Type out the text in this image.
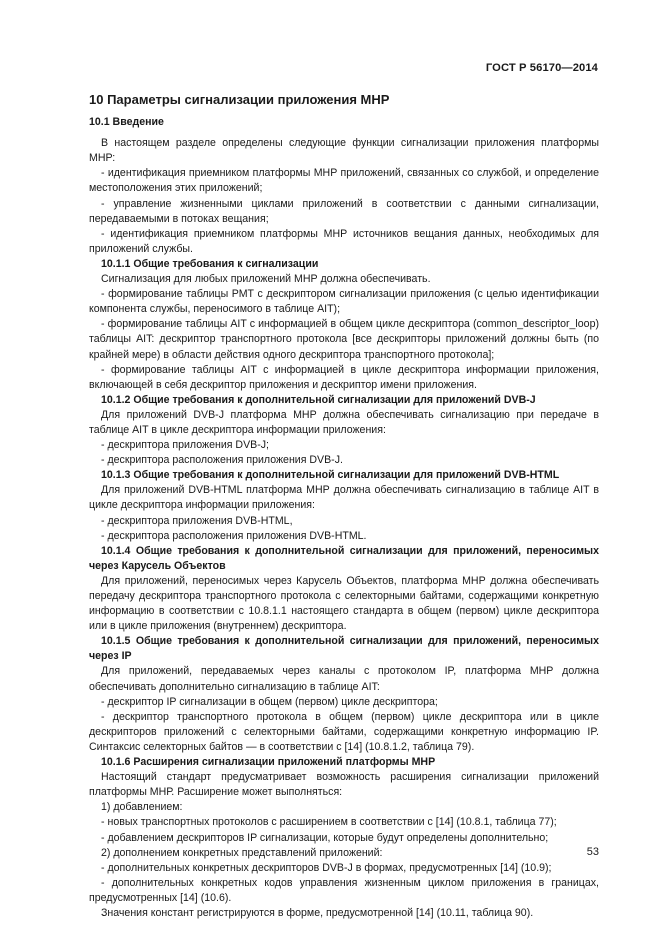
ГОСТ Р 56170—2014

10 Параметры сигнализации приложения МНР

10.1 Введение

В настоящем разделе определены следующие функции сигнализации приложения платформы МНР:

- идентификация приемником платформы МНР приложений, связанных со службой, и определение местоположения этих приложений;

- управление жизненными циклами приложений в соответствии с данными сигнализации, передаваемыми в потоках вещания;

- идентификация приемником платформы МНР источников вещания данных, необходимых для приложений службы.

10.1.1 Общие требования к сигнализации

Сигнализация для любых приложений МНР должна обеспечивать.

- формирование таблицы РМТ с дескриптором сигнализации приложения (с целью идентификации компонента службы, переносимого в таблице AIT);

- формирование таблицы AIT с информацией в общем цикле дескриптора (common_descriptor_loop) таблицы AIT: дескриптор транспортного протокола [все дескрипторы приложений должны быть (по крайней мере) в области действия одного дескриптора транспортного протокола];

- формирование таблицы AIT с информацией в цикле дескриптора информации приложения, включающей в себя дескриптор приложения и дескриптор имени приложения.

10.1.2 Общие требования к дополнительной сигнализации для приложений DVB-J

Для приложений DVB-J платформа МНР должна обеспечивать сигнализацию при передаче в таблице AIT в цикле дескриптора информации приложения:

- дескриптора приложения DVB-J;

- дескриптора расположения приложения DVB-J.

10.1.3 Общие требования к дополнительной сигнализации для приложений DVB-HTML

Для приложений DVB-HTML платформа МНР должна обеспечивать сигнализацию в таблице AIT в цикле дескриптора информации приложения:

- дескриптора приложения DVB-HTML,

- дескриптора расположения приложения DVB-HTML.

10.1.4 Общие требования к дополнительной сигнализации для приложений, переносимых через Карусель Объектов

Для приложений, переносимых через Карусель Объектов, платформа МНР должна обеспечивать передачу дескриптора транспортного протокола с селекторными байтами, содержащими конкретную информацию в соответствии с 10.8.1.1 настоящего стандарта в общем (первом) цикле дескриптора или в цикле приложения (внутреннем) дескриптора.

10.1.5 Общие требования к дополнительной сигнализации для приложений, переносимых через IP

Для приложений, передаваемых через каналы с протоколом IP, платформа МНР должна обеспечивать дополнительно сигнализацию в таблице AIT:

- дескриптор IP сигнализации в общем (первом) цикле дескриптора;

- дескриптор транспортного протокола в общем (первом) цикле дескриптора или в цикле дескрипторов приложений с селекторными байтами, содержащими конкретную информацию IP. Синтаксис селекторных байтов — в соответствии с [14] (10.8.1.2, таблица 79).

10.1.6 Расширения сигнализации приложений платформы МНР

Настоящий стандарт предусматривает возможность расширения сигнализации приложений платформы МНР. Расширение может выполняться:

1) добавлением:

- новых транспортных протоколов с расширением в соответствии с [14] (10.8.1, таблица 77);

- добавлением дескрипторов IP сигнализации, которые будут определены дополнительно;

2) дополнением конкретных представлений приложений:

- дополнительных конкретных дескрипторов DVB-J в формах, предусмотренных [14] (10.9);

- дополнительных конкретных кодов управления жизненным циклом приложения в границах, предусмотренных [14] (10.6).

Значения констант регистрируются в форме, предусмотренной [14] (10.11, таблица 90).

53
